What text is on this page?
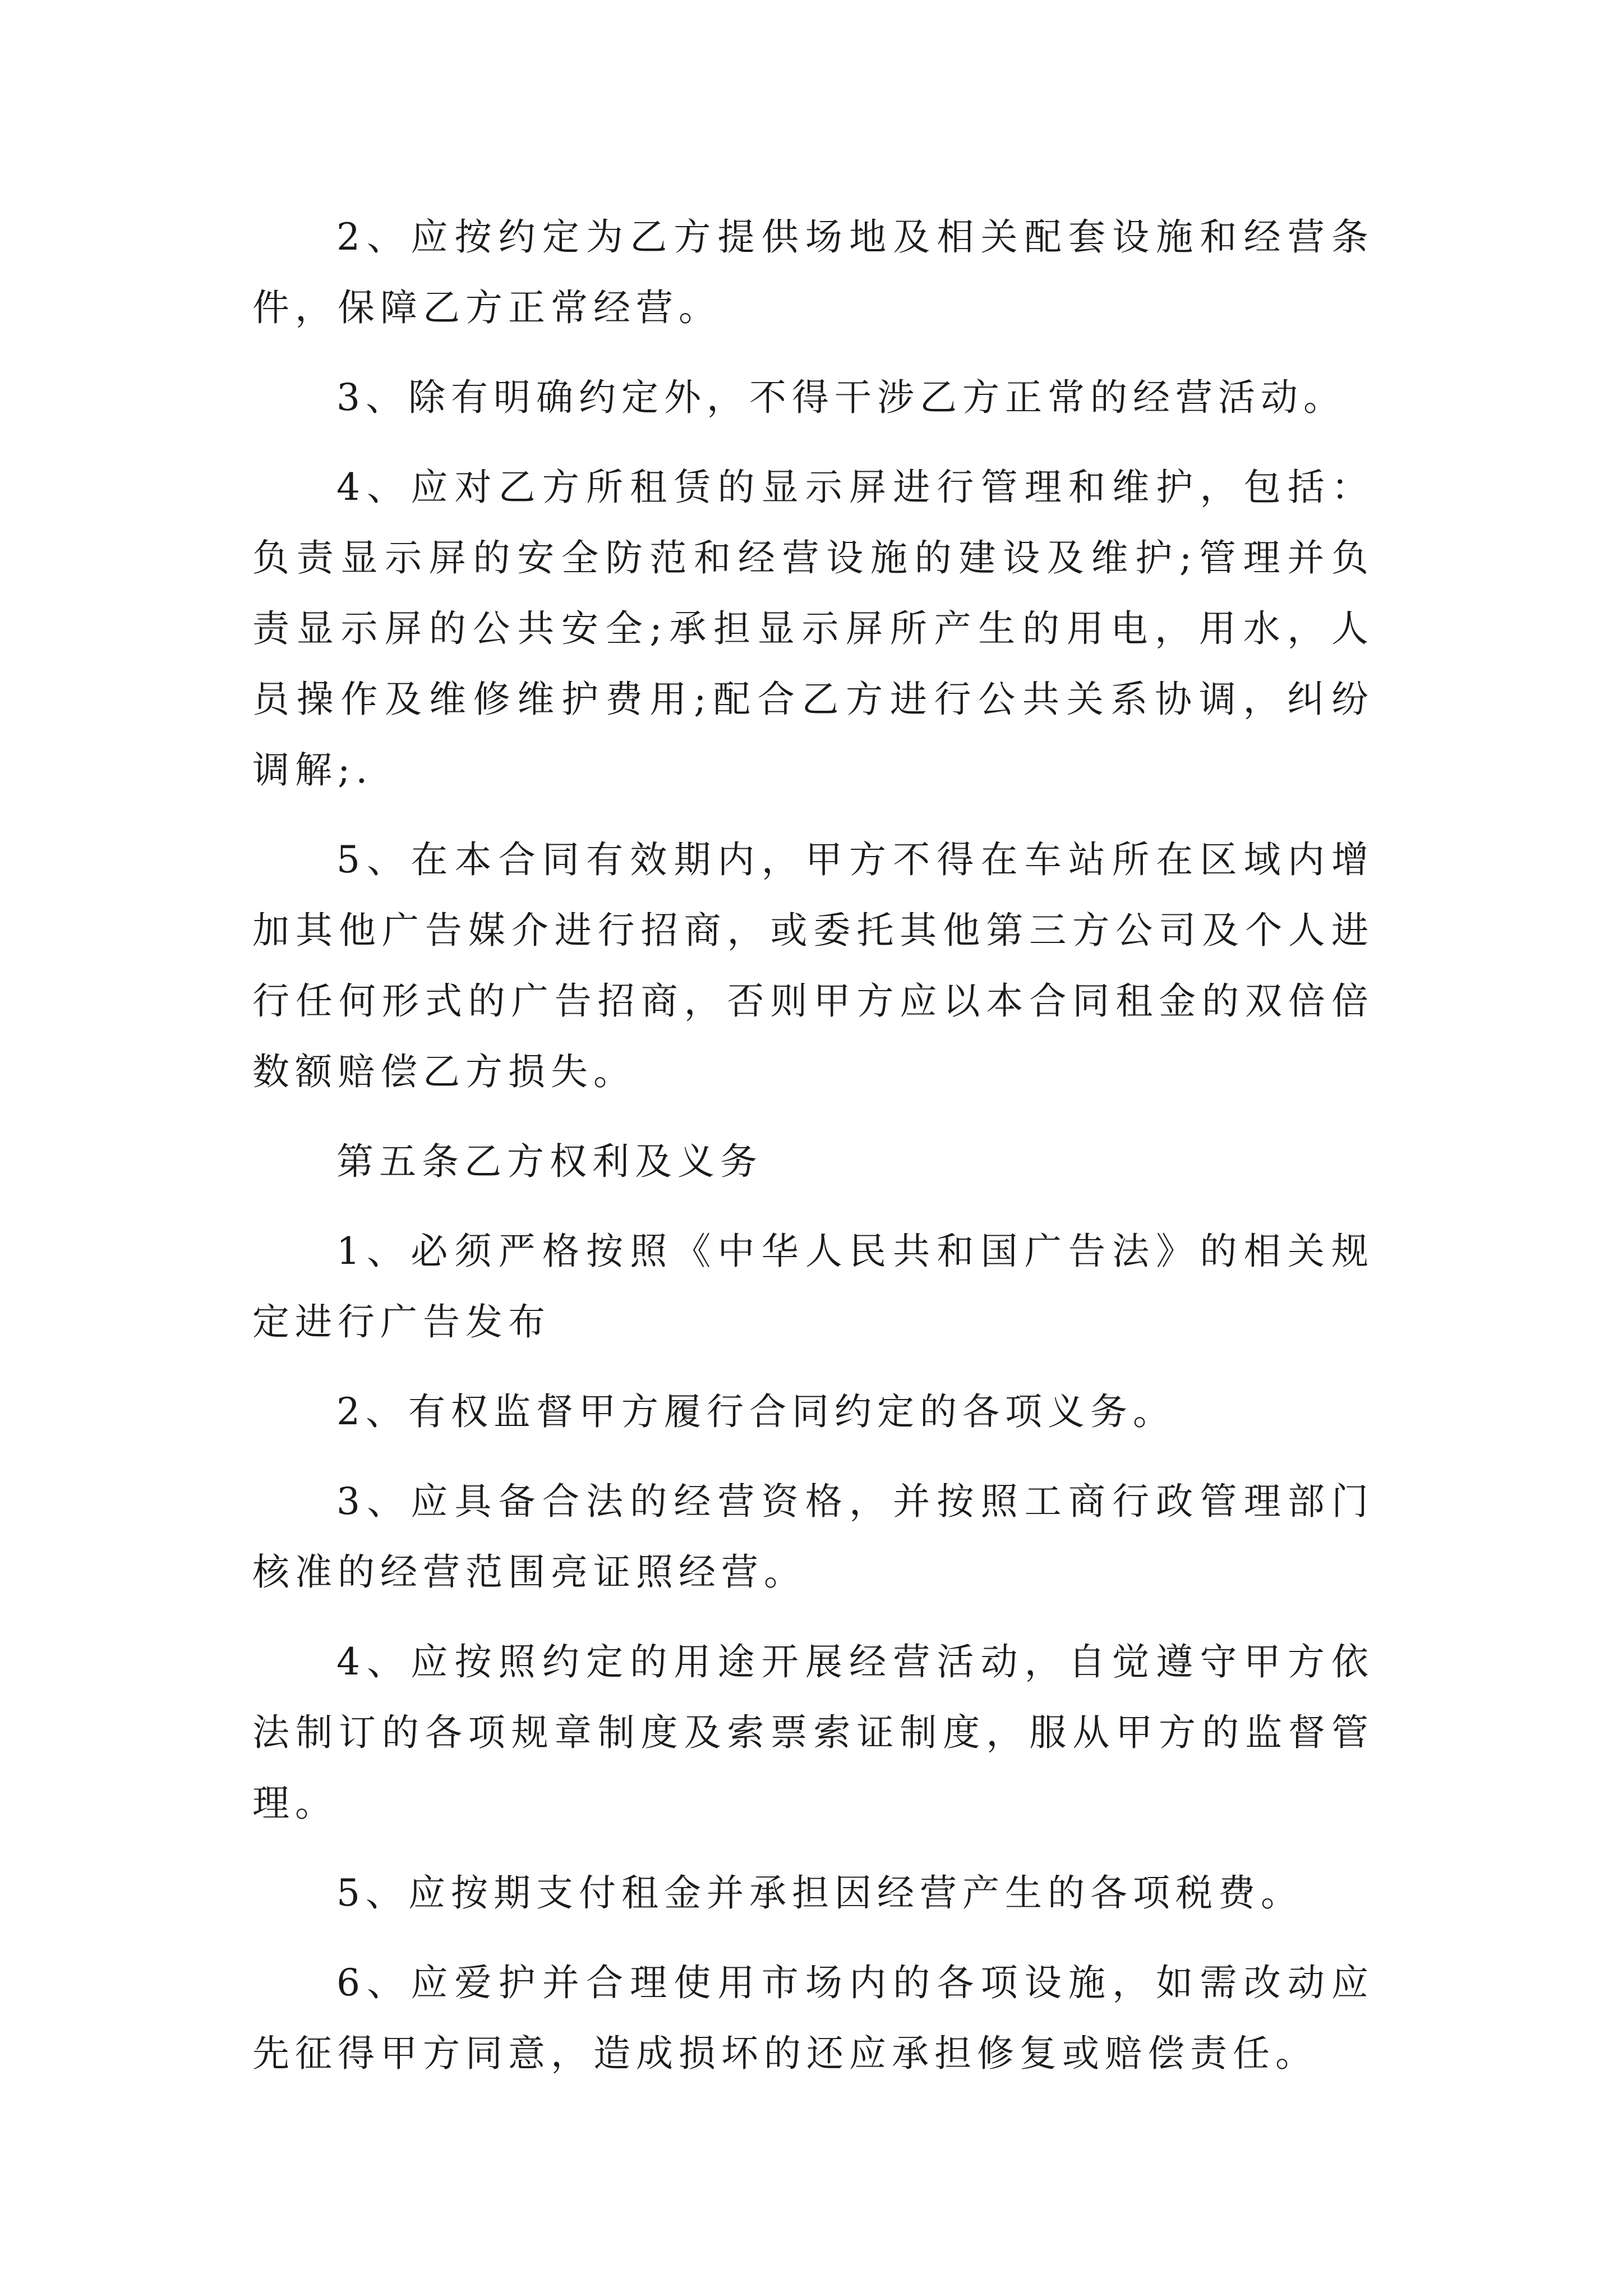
2、应按约定为乙方提供场地及相关配套设施和经营条件，保障乙方正常经营。

3、除有明确约定外，不得干涉乙方正常的经营活动。

4、应对乙方所租赁的显示屏进行管理和维护，包括：负责显示屏的安全防范和经营设施的建设及维护;管理并负责显示屏的公共安全;承担显示屏所产生的用电，用水，人员操作及维修维护费用;配合乙方进行公共关系协调，纠纷调解;.

5、在本合同有效期内，甲方不得在车站所在区域内增加其他广告媒介进行招商，或委托其他第三方公司及个人进行任何形式的广告招商，否则甲方应以本合同租金的双倍倍数额赔偿乙方损失。

第五条乙方权利及义务

1、必须严格按照《中华人民共和国广告法》的相关规定进行广告发布

2、有权监督甲方履行合同约定的各项义务。

3、应具备合法的经营资格，并按照工商行政管理部门核准的经营范围亮证照经营。

4、应按照约定的用途开展经营活动，自觉遵守甲方依法制订的各项规章制度及索票索证制度，服从甲方的监督管理。

5、应按期支付租金并承担因经营产生的各项税费。

6、应爱护并合理使用市场内的各项设施，如需改动应先征得甲方同意，造成损坏的还应承担修复或赔偿责任。
